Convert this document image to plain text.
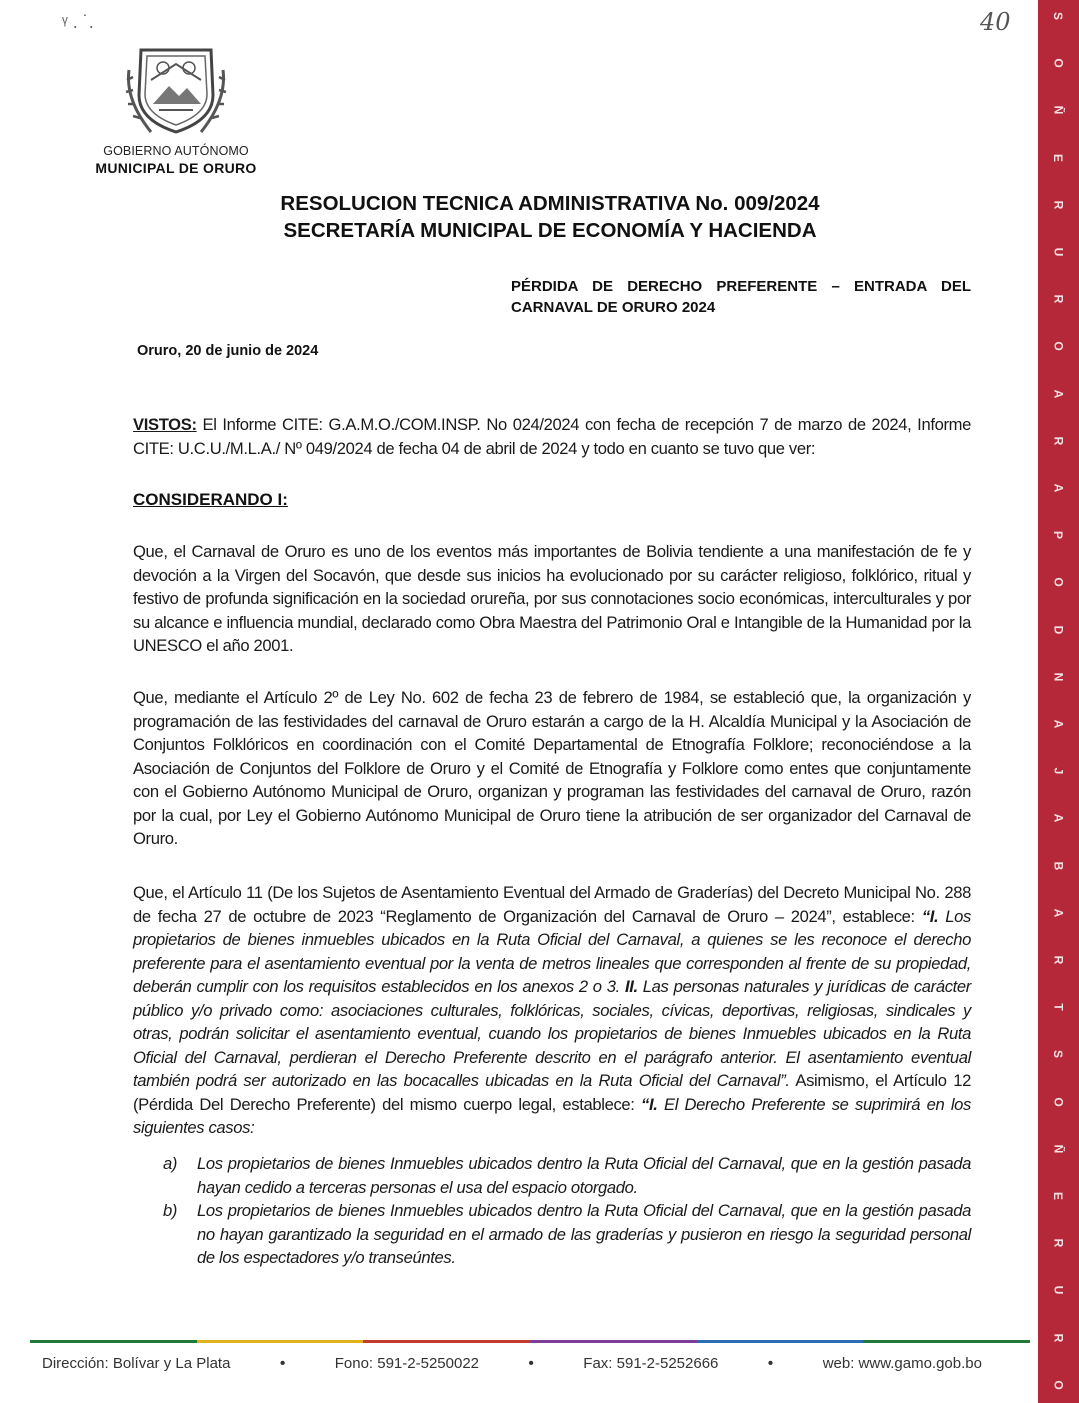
ᵞ . ˙.	40
GOBIERNO AUTÓNOMO
MUNICIPAL DE ORURO
RESOLUCION TECNICA ADMINISTRATIVA No. 009/2024
SECRETARÍA MUNICIPAL DE ECONOMÍA Y HACIENDA
PÉRDIDA DE DERECHO PREFERENTE – ENTRADA DEL CARNAVAL DE ORURO 2024
Oruro, 20 de junio de 2024
VISTOS: El Informe CITE: G.A.M.O./COM.INSP. No 024/2024 con fecha de recepción 7 de marzo de 2024, Informe CITE: U.C.U./M.L.A./ Nº 049/2024 de fecha 04 de abril de 2024 y todo en cuanto se tuvo que ver:
CONSIDERANDO I:
Que, el Carnaval de Oruro es uno de los eventos más importantes de Bolivia tendiente a una manifestación de fe y devoción a la Virgen del Socavón, que desde sus inicios ha evolucionado por su carácter religioso, folklórico, ritual y festivo de profunda significación en la sociedad orureña, por sus connotaciones socio económicas, interculturales y por su alcance e influencia mundial, declarado como Obra Maestra del Patrimonio Oral e Intangible de la Humanidad por la UNESCO el año 2001.
Que, mediante el Artículo 2º de Ley No. 602 de fecha 23 de febrero de 1984, se estableció que, la organización y programación de las festividades del carnaval de Oruro estarán a cargo de la H. Alcaldía Municipal y la Asociación de Conjuntos Folklóricos en coordinación con el Comité Departamental de Etnografía Folklore; reconociéndose a la Asociación de Conjuntos del Folklore de Oruro y el Comité de Etnografía y Folklore como entes que conjuntamente con el Gobierno Autónomo Municipal de Oruro, organizan y programan las festividades del carnaval de Oruro, razón por la cual, por Ley el Gobierno Autónomo Municipal de Oruro tiene la atribución de ser organizador del Carnaval de Oruro.
Que, el Artículo 11 (De los Sujetos de Asentamiento Eventual del Armado de Graderías) del Decreto Municipal No. 288 de fecha 27 de octubre de 2023 “Reglamento de Organización del Carnaval de Oruro – 2024”, establece: “I. Los propietarios de bienes inmuebles ubicados en la Ruta Oficial del Carnaval, a quienes se les reconoce el derecho preferente para el asentamiento eventual por la venta de metros lineales que corresponden al frente de su propiedad, deberán cumplir con los requisitos establecidos en los anexos 2 o 3. II. Las personas naturales y jurídicas de carácter público y/o privado como: asociaciones culturales, folklóricas, sociales, cívicas, deportivas, religiosas, sindicales y otras, podrán solicitar el asentamiento eventual, cuando los propietarios de bienes Inmuebles ubicados en la Ruta Oficial del Carnaval, perdieran el Derecho Preferente descrito en el parágrafo anterior. El asentamiento eventual también podrá ser autorizado en las bocacalles ubicadas en la Ruta Oficial del Carnaval”. Asimismo, el Artículo 12 (Pérdida Del Derecho Preferente) del mismo cuerpo legal, establece: “I. El Derecho Preferente se suprimirá en los siguientes casos:
a)	Los propietarios de bienes Inmuebles ubicados dentro la Ruta Oficial del Carnaval, que en la gestión pasada hayan cedido a terceras personas el usa del espacio otorgado.
b)	Los propietarios de bienes Inmuebles ubicados dentro la Ruta Oficial del Carnaval, que en la gestión pasada no hayan garantizado la seguridad en el armado de las graderías y pusieron en riesgo la seguridad personal de los espectadores y/o transeúntes.
Dirección: Bolívar y La Plata	•	Fono: 591-2-5250022	•	Fax: 591-2-5252666	•	web: www.gamo.gob.bo
S
O
Ñ
E
R
U
R
O
A
R
A
P
O
D
N
A
J
A
B
A
R
T
S
O
Ñ
E
R
U
R
O
